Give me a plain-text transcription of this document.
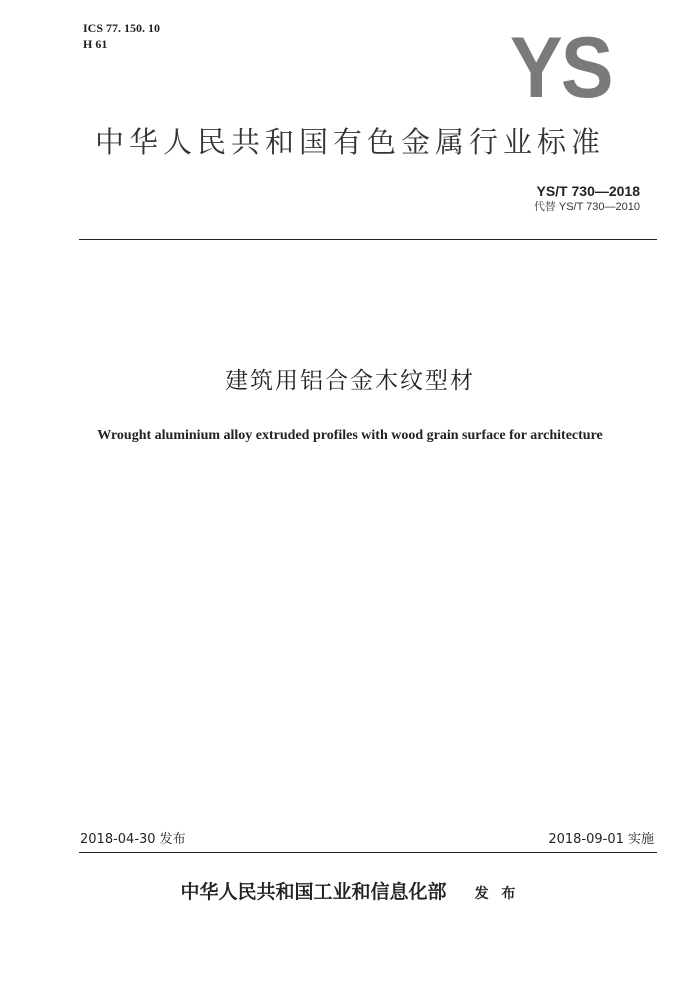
ICS 77. 150. 10
H 61	YS
中华人民共和国有色金属行业标准
YS/T 730—2018
代替 YS/T 730—2010
建筑用铝合金木纹型材
Wrought aluminium alloy extruded profiles with wood grain surface for architecture
2018-04-30 发布	2018-09-01 实施
中华人民共和国工业和信息化部 发 布
